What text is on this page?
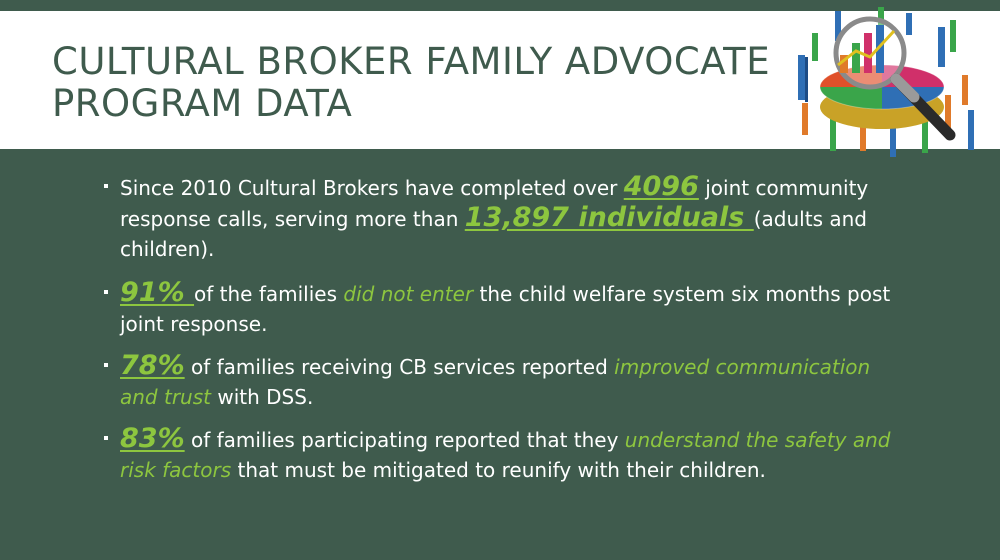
CULTURAL BROKER FAMILY ADVOCATE
PROGRAM DATA
Since 2010 Cultural Brokers have completed over 4096 joint community response calls, serving more than 13,897 individuals (adults and children).
91% of the families did not enter the child welfare system six months post joint response.
78% of families receiving CB services reported improved communication and trust with DSS.
83% of families participating reported that they understand the safety and risk factors that must be mitigated to reunify with their children.
